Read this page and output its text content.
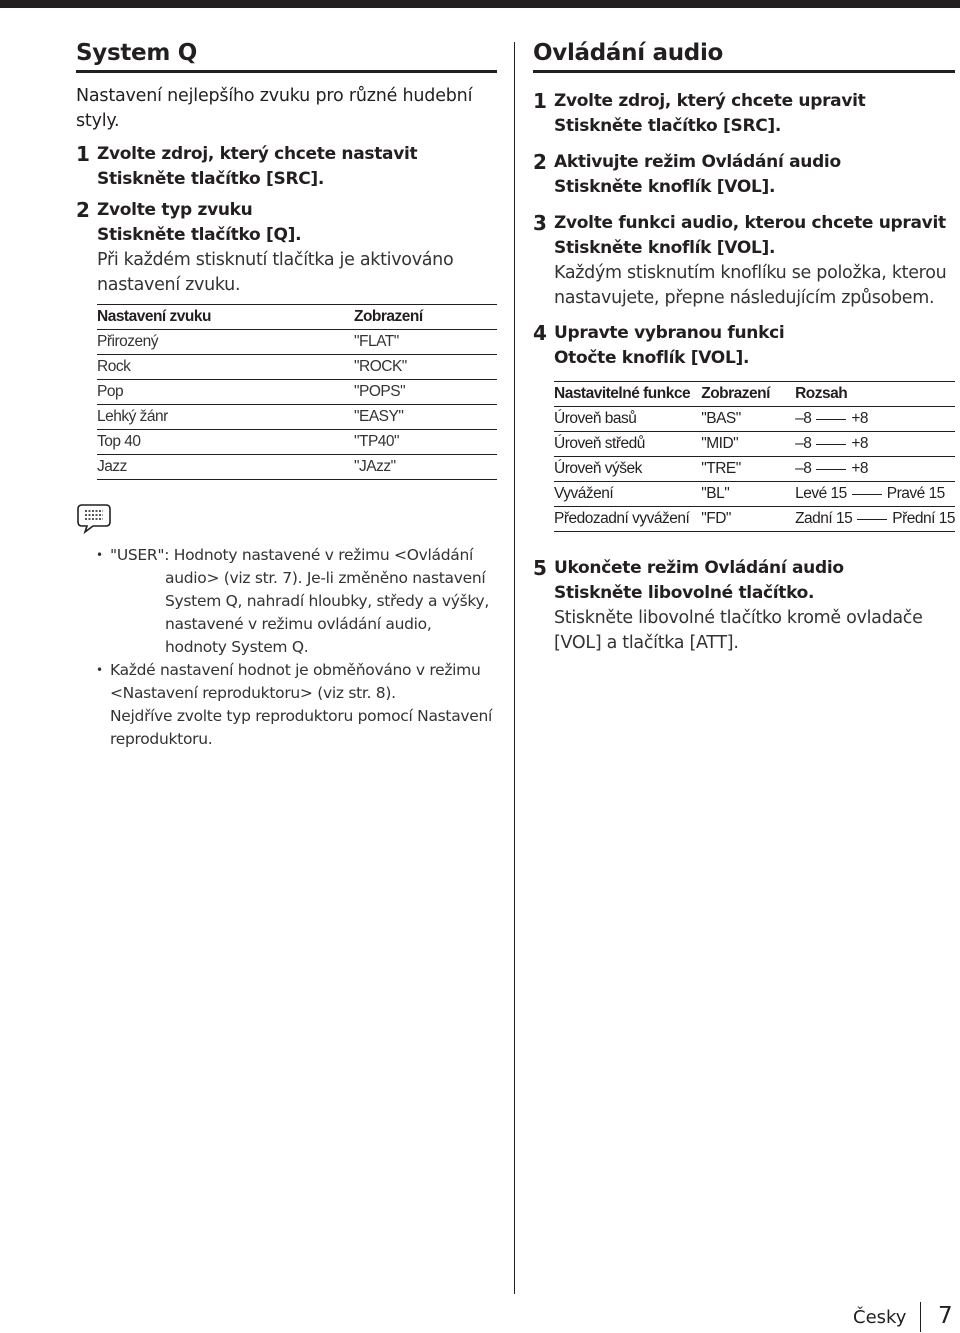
System Q
Nastavení nejlepšího zvuku pro různé hudební styly.
1 Zvolte zdroj, který chcete nastavit
Stiskněte tlačítko [SRC].
2 Zvolte typ zvuku
Stiskněte tlačítko [Q].
Při každém stisknutí tlačítka je aktivováno nastavení zvuku.
Nastavení zvuku	Zobrazení
Přirozený	"FLAT"
Rock	"ROCK"
Pop	"POPS"
Lehký žánr	"EASY"
Top 40	"TP40"
Jazz	"JAzz"
• "USER": Hodnoty nastavené v režimu <Ovládání audio> (viz str. 7). Je-li změněno nastavení System Q, nahradí hloubky, středy a výšky, nastavené v režimu ovládání audio, hodnoty System Q.
• Každé nastavení hodnot je obměňováno v režimu <Nastavení reproduktoru> (viz str. 8).
Nejdříve zvolte typ reproduktoru pomocí Nastavení reproduktoru.
Ovládání audio
1 Zvolte zdroj, který chcete upravit
Stiskněte tlačítko [SRC].
2 Aktivujte režim Ovládání audio
Stiskněte knoflík [VOL].
3 Zvolte funkci audio, kterou chcete upravit
Stiskněte knoflík [VOL].
Každým stisknutím knoflíku se položka, kterou nastavujete, přepne následujícím způsobem.
4 Upravte vybranou funkci
Otočte knoflík [VOL].
Nastavitelné funkce	Zobrazení	Rozsah
Úroveň basů	"BAS"	–8 +8

Úroveň středů	"MID"	–8 +8

Úroveň výšek	"TRE"	–8 +8

Vyvážení	"BL"	Levé 15 Pravé 15

Předozadní vyvážení	"FD"	Zadní 15 Přední 15
5 Ukončete režim Ovládání audio
Stiskněte libovolné tlačítko.
Stiskněte libovolné tlačítko kromě ovladače [VOL] a tlačítka [ATT].
Česky 7
